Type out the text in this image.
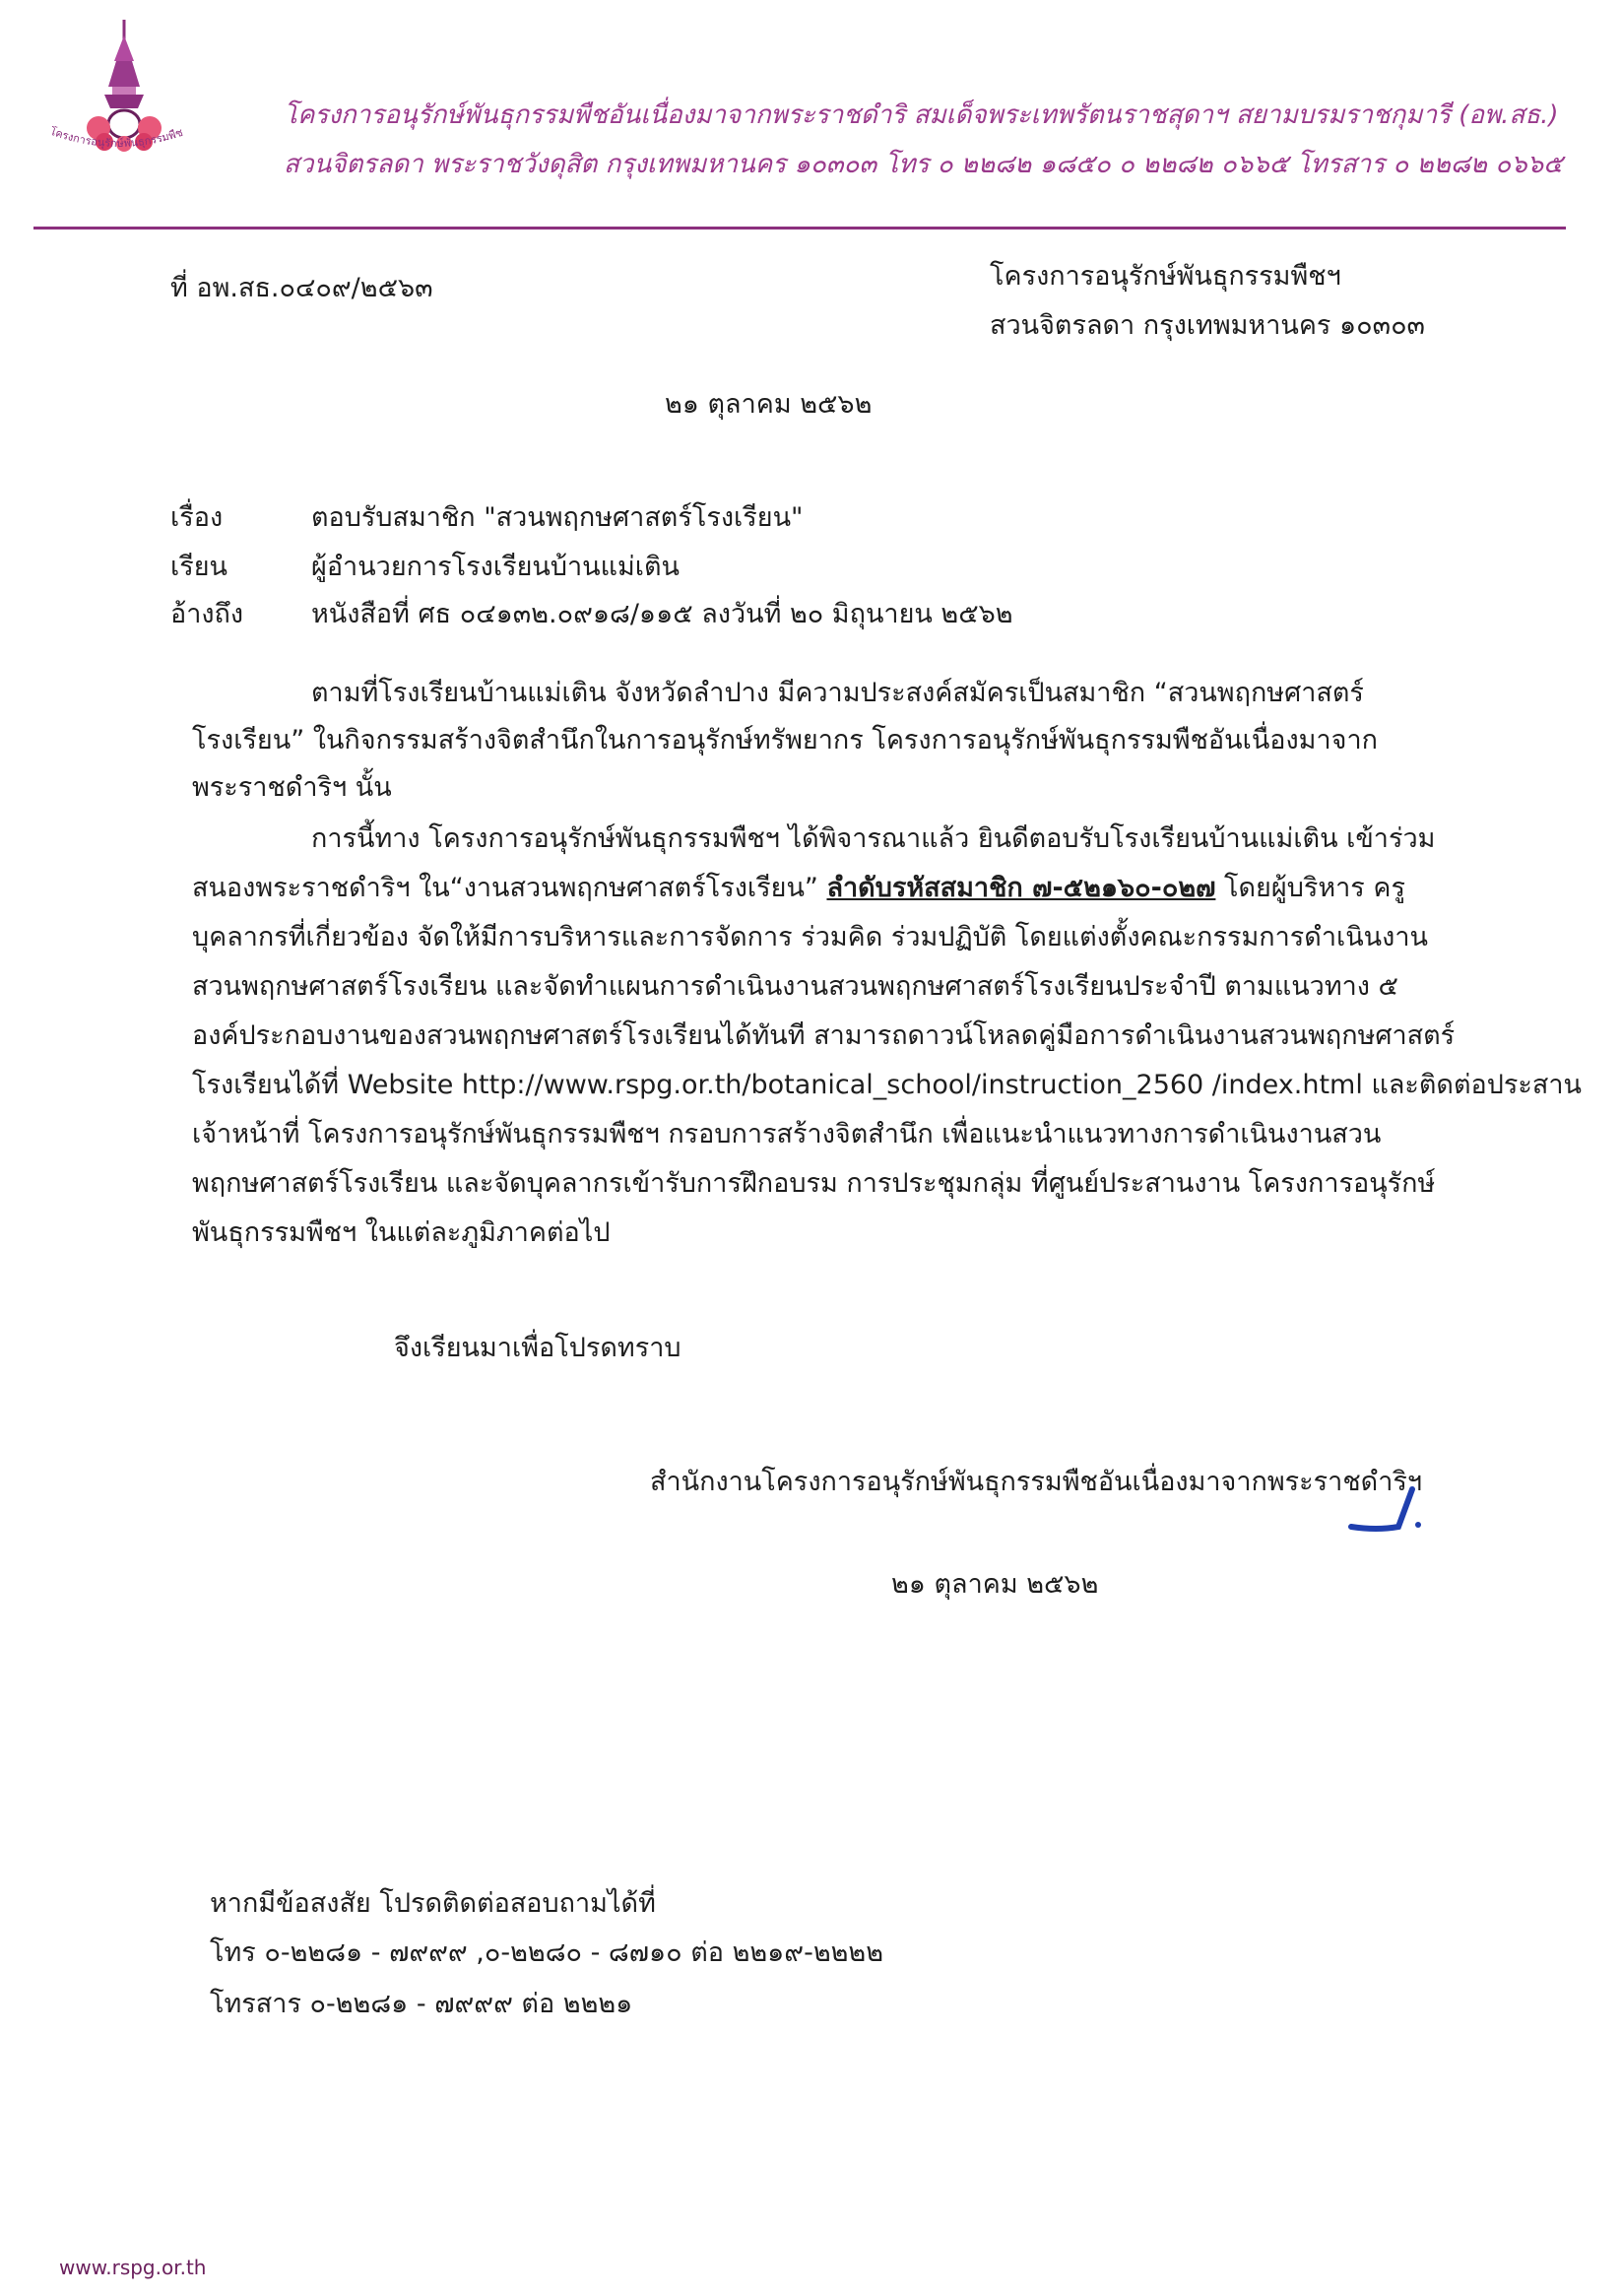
โครงการอนุรักษ์พันธุกรรมพืช
โครงการอนุรักษ์พันธุกรรมพืชอันเนื่องมาจากพระราชดำริ สมเด็จพระเทพรัตนราชสุดาฯ สยามบรมราชกุมารี (อพ.สธ.)
สวนจิตรลดา พระราชวังดุสิต กรุงเทพมหานคร ๑๐๓๐๓ โทร ๐ ๒๒๘๒ ๑๘๕๐ ๐ ๒๒๘๒ ๐๖๖๕ โทรสาร ๐ ๒๒๘๒ ๐๖๖๕
ที่ อพ.สธ.๐๔๐๙/๒๕๖๓	โครงการอนุรักษ์พันธุกรรมพืชฯ
สวนจิตรลดา กรุงเทพมหานคร ๑๐๓๐๓
๒๑ ตุลาคม ๒๕๖๒
เรื่อง	ตอบรับสมาชิก "สวนพฤกษศาสตร์โรงเรียน"
เรียน	ผู้อำนวยการโรงเรียนบ้านแม่เติน
อ้างถึง	หนังสือที่ ศธ ๐๔๑๓๒.๐๙๑๘/๑๑๕ ลงวันที่ ๒๐ มิถุนายน ๒๕๖๒
ตามที่โรงเรียนบ้านแม่เติน จังหวัดลำปาง มีความประสงค์สมัครเป็นสมาชิก “สวนพฤกษศาสตร์
โรงเรียน” ในกิจกรรมสร้างจิตสำนึกในการอนุรักษ์ทรัพยากร โครงการอนุรักษ์พันธุกรรมพืชอันเนื่องมาจาก
พระราชดำริฯ นั้น
การนี้ทาง โครงการอนุรักษ์พันธุกรรมพืชฯ ได้พิจารณาแล้ว ยินดีตอบรับโรงเรียนบ้านแม่เติน เข้าร่วม
สนองพระราชดำริฯ ใน“งานสวนพฤกษศาสตร์โรงเรียน” ลำดับรหัสสมาชิก ๗-๕๒๑๖๐-๐๒๗ โดยผู้บริหาร ครู
บุคลากรที่เกี่ยวข้อง จัดให้มีการบริหารและการจัดการ ร่วมคิด ร่วมปฏิบัติ โดยแต่งตั้งคณะกรรมการดำเนินงาน
สวนพฤกษศาสตร์โรงเรียน และจัดทำแผนการดำเนินงานสวนพฤกษศาสตร์โรงเรียนประจำปี ตามแนวทาง ๕
องค์ประกอบงานของสวนพฤกษศาสตร์โรงเรียนได้ทันที สามารถดาวน์โหลดคู่มือการดำเนินงานสวนพฤกษศาสตร์
โรงเรียนได้ที่ Website http://www.rspg.or.th/botanical_school/instruction_2560 /index.html และติดต่อประสาน
เจ้าหน้าที่ โครงการอนุรักษ์พันธุกรรมพืชฯ กรอบการสร้างจิตสำนึก เพื่อแนะนำแนวทางการดำเนินงานสวน
พฤกษศาสตร์โรงเรียน และจัดบุคลากรเข้ารับการฝึกอบรม การประชุมกลุ่ม ที่ศูนย์ประสานงาน โครงการอนุรักษ์
พันธุกรรมพืชฯ ในแต่ละภูมิภาคต่อไป
จึงเรียนมาเพื่อโปรดทราบ
สำนักงานโครงการอนุรักษ์พันธุกรรมพืชอันเนื่องมาจากพระราชดำริฯ
๒๑ ตุลาคม ๒๕๖๒
หากมีข้อสงสัย โปรดติดต่อสอบถามได้ที่
โทร ๐-๒๒๘๑ - ๗๙๙๙ ,๐-๒๒๘๐ - ๘๗๑๐ ต่อ ๒๒๑๙-๒๒๒๒
โทรสาร ๐-๒๒๘๑ - ๗๙๙๙ ต่อ ๒๒๒๑
www.rspg.or.th
